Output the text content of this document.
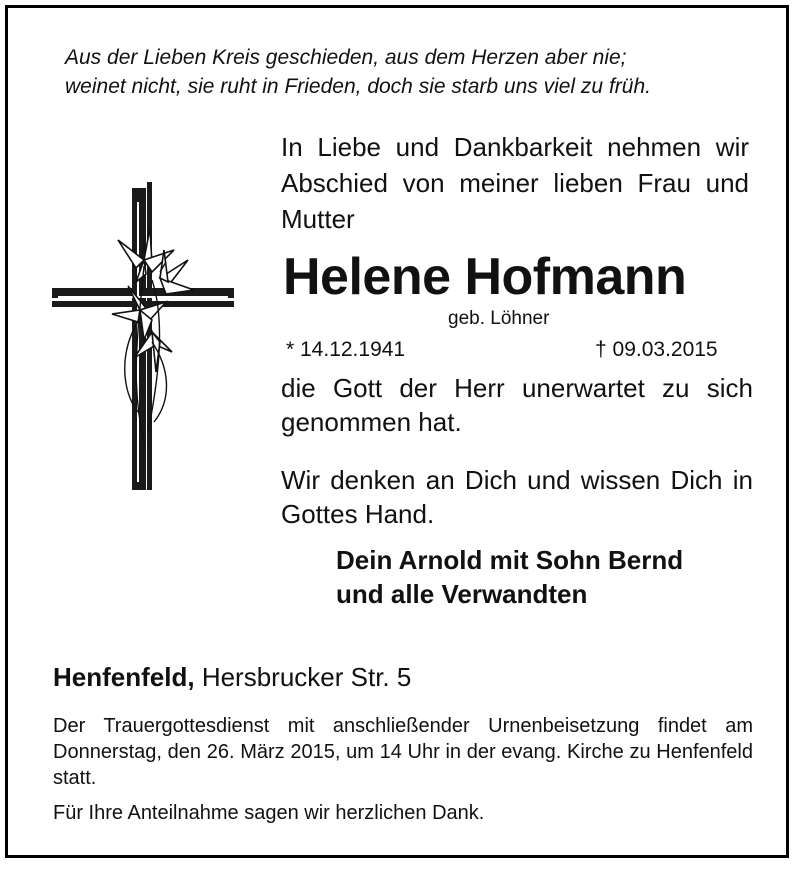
Aus der Lieben Kreis geschieden, aus dem Herzen aber nie;
weinet nicht, sie ruht in Frieden, doch sie starb uns viel zu früh.

In Liebe und Dankbarkeit nehmen wir Abschied von meiner lieben Frau und Mutter

Helene Hofmann
geb. Löhner
* 14.12.1941	† 09.03.2015

die Gott der Herr unerwartet zu sich genommen hat.

Wir denken an Dich und wissen Dich in Gottes Hand.

Dein Arnold mit Sohn Bernd
und alle Verwandten
Henfenfeld, Hersbrucker Str. 5

Der Trauergottesdienst mit anschließender Urnenbeisetzung findet am Donnerstag, den 26. März 2015, um 14 Uhr in der evang. Kirche zu Henfenfeld statt.

Für Ihre Anteilnahme sagen wir herzlichen Dank.
